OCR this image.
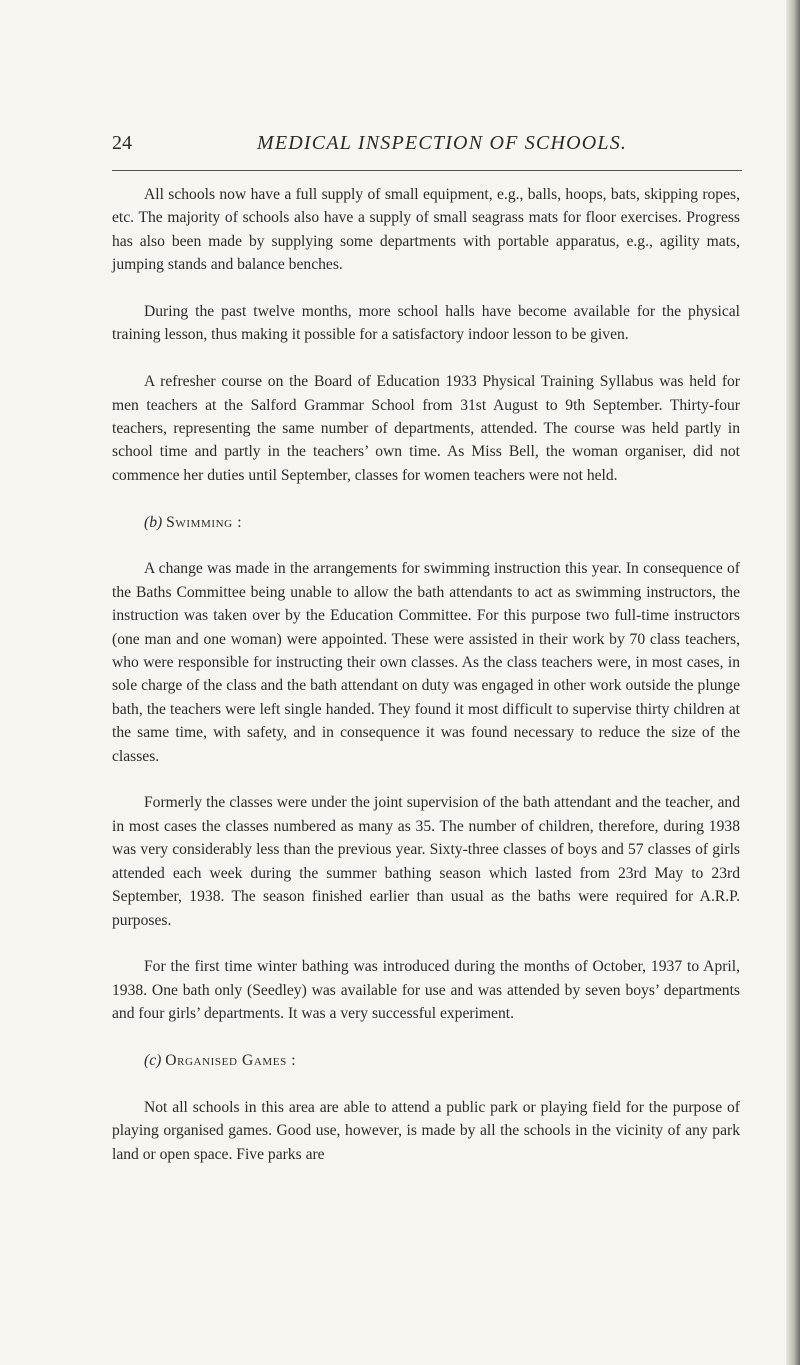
24	MEDICAL INSPECTION OF SCHOOLS.

All schools now have a full supply of small equipment, e.g., balls, hoops, bats, skipping ropes, etc. The majority of schools also have a supply of small seagrass mats for floor exercises. Progress has also been made by supplying some departments with portable apparatus, e.g., agility mats, jumping stands and balance benches.

During the past twelve months, more school halls have become available for the physical training lesson, thus making it possible for a satisfactory indoor lesson to be given.

A refresher course on the Board of Education 1933 Physical Training Syllabus was held for men teachers at the Salford Grammar School from 31st August to 9th September. Thirty-four teachers, representing the same number of departments, attended. The course was held partly in school time and partly in the teachers’ own time. As Miss Bell, the woman organiser, did not commence her duties until September, classes for women teachers were not held.

(b) Swimming :

A change was made in the arrangements for swimming instruction this year. In consequence of the Baths Committee being unable to allow the bath attendants to act as swimming instructors, the instruction was taken over by the Education Committee. For this purpose two full-time instructors (one man and one woman) were appointed. These were assisted in their work by 70 class teachers, who were responsible for instructing their own classes. As the class teachers were, in most cases, in sole charge of the class and the bath attendant on duty was engaged in other work outside the plunge bath, the teachers were left single handed. They found it most difficult to supervise thirty children at the same time, with safety, and in consequence it was found necessary to reduce the size of the classes.

Formerly the classes were under the joint supervision of the bath attendant and the teacher, and in most cases the classes numbered as many as 35. The number of children, therefore, during 1938 was very considerably less than the previous year. Sixty-three classes of boys and 57 classes of girls attended each week during the summer bathing season which lasted from 23rd May to 23rd September, 1938. The season finished earlier than usual as the baths were required for A.R.P. purposes.

For the first time winter bathing was introduced during the months of October, 1937 to April, 1938. One bath only (Seedley) was available for use and was attended by seven boys’ departments and four girls’ departments. It was a very successful experiment.

(c) Organised Games :

Not all schools in this area are able to attend a public park or playing field for the purpose of playing organised games. Good use, however, is made by all the schools in the vicinity of any park land or open space. Five parks are
